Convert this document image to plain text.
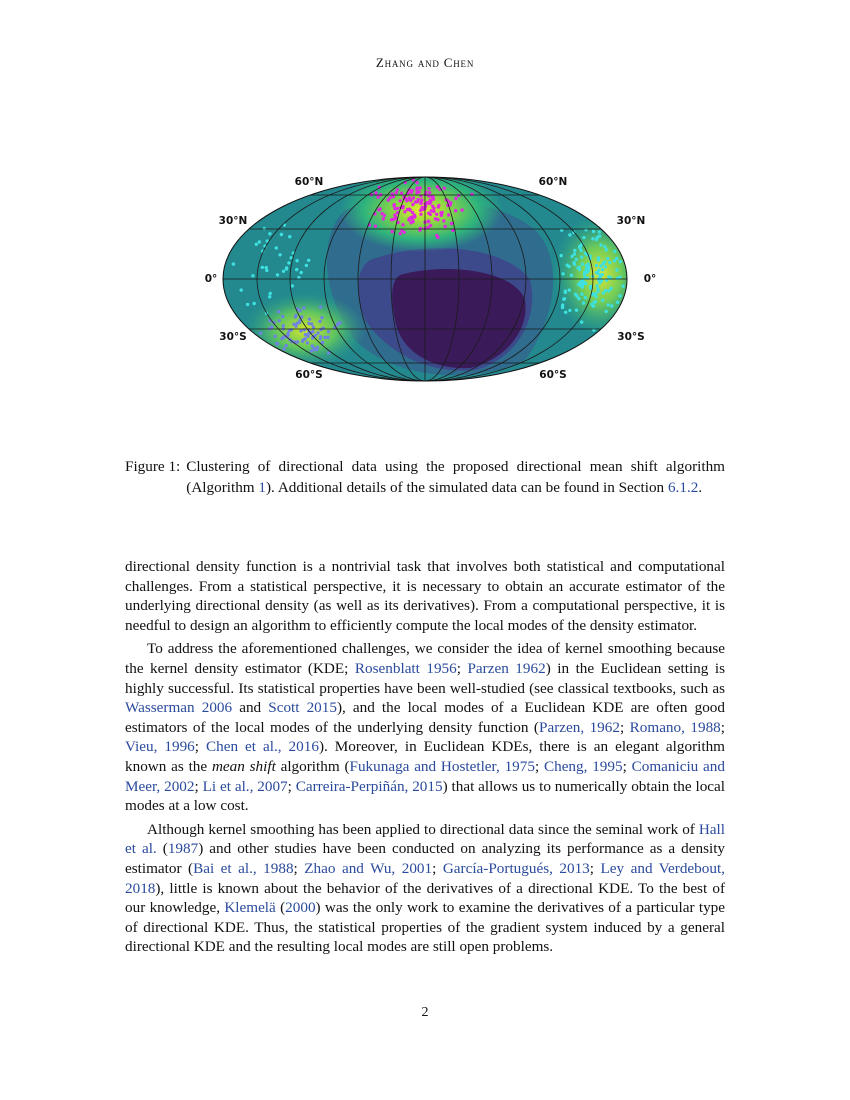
Zhang and Chen
60°N	60°N
30°N	30°N
0°	0°
30°S	30°S
60°S	60°S
Figure 1: Clustering of directional data using the proposed directional mean shift algorithm (Algorithm 1). Additional details of the simulated data can be found in Section 6.1.2.

directional density function is a nontrivial task that involves both statistical and computational challenges. From a statistical perspective, it is necessary to obtain an accurate estimator of the underlying directional density (as well as its derivatives). From a computational perspective, it is needful to design an algorithm to efficiently compute the local modes of the density estimator.

To address the aforementioned challenges, we consider the idea of kernel smoothing because the kernel density estimator (KDE; Rosenblatt 1956; Parzen 1962) in the Euclidean setting is highly successful. Its statistical properties have been well-studied (see classical textbooks, such as Wasserman 2006 and Scott 2015), and the local modes of a Euclidean KDE are often good estimators of the local modes of the underlying density function (Parzen, 1962; Romano, 1988; Vieu, 1996; Chen et al., 2016). Moreover, in Euclidean KDEs, there is an elegant algorithm known as the mean shift algorithm (Fukunaga and Hostetler, 1975; Cheng, 1995; Comaniciu and Meer, 2002; Li et al., 2007; Carreira-Perpiñán, 2015) that allows us to numerically obtain the local modes at a low cost.

Although kernel smoothing has been applied to directional data since the seminal work of Hall et al. (1987) and other studies have been conducted on analyzing its performance as a density estimator (Bai et al., 1988; Zhao and Wu, 2001; García-Portugués, 2013; Ley and Verdebout, 2018), little is known about the behavior of the derivatives of a directional KDE. To the best of our knowledge, Klemelä (2000) was the only work to examine the derivatives of a particular type of directional KDE. Thus, the statistical properties of the gradient system induced by a general directional KDE and the resulting local modes are still open problems.

2
